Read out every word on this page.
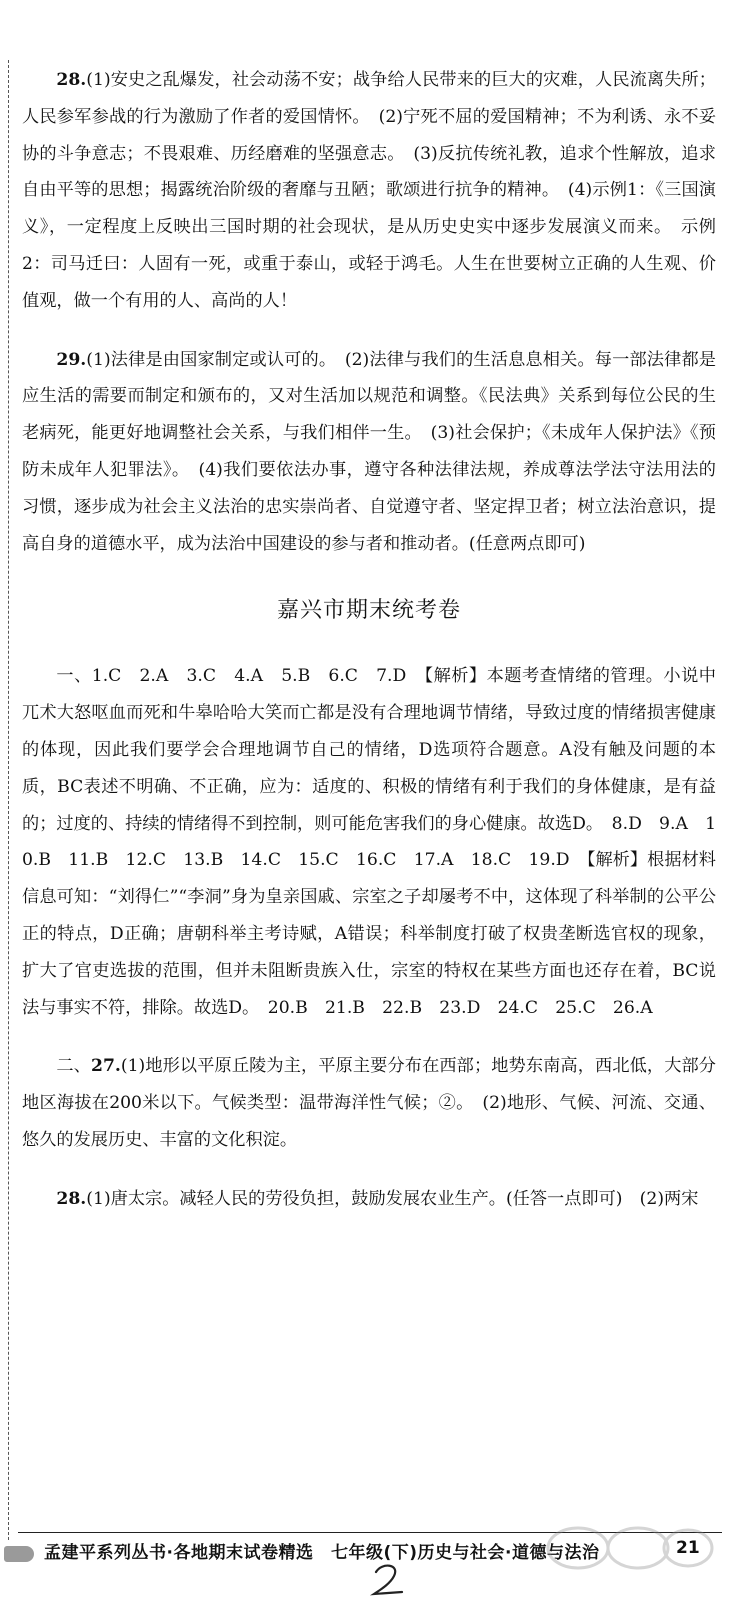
28.(1)安史之乱爆发，社会动荡不安；战争给人民带来的巨大的灾难，人民流离失所；人民参军参战的行为激励了作者的爱国情怀。　(2)宁死不屈的爱国精神；不为利诱、永不妥协的斗争意志；不畏艰难、历经磨难的坚强意志。　(3)反抗传统礼教，追求个性解放，追求自由平等的思想；揭露统治阶级的奢靡与丑陋；歌颂进行抗争的精神。　(4)示例1：《三国演义》，一定程度上反映出三国时期的社会现状，是从历史史实中逐步发展演义而来。　示例2：司马迁曰：人固有一死，或重于泰山，或轻于鸿毛。人生在世要树立正确的人生观、价值观，做一个有用的人、高尚的人！

29.(1)法律是由国家制定或认可的。　(2)法律与我们的生活息息相关。每一部法律都是应生活的需要而制定和颁布的，又对生活加以规范和调整。《民法典》关系到每位公民的生老病死，能更好地调整社会关系，与我们相伴一生。　(3)社会保护；《未成年人保护法》《预防未成年人犯罪法》。　(4)我们要依法办事，遵守各种法律法规，养成尊法学法守法用法的习惯，逐步成为社会主义法治的忠实崇尚者、自觉遵守者、坚定捍卫者；树立法治意识，提高自身的道德水平，成为法治中国建设的参与者和推动者。(任意两点即可)

嘉兴市期末统考卷

一、1.C　2.A　3.C　4.A　5.B　6.C　7.D　【解析】本题考查情绪的管理。小说中兀术大怒呕血而死和牛皋哈哈大笑而亡都是没有合理地调节情绪，导致过度的情绪损害健康的体现，因此我们要学会合理地调节自己的情绪，D选项符合题意。A没有触及问题的本质，BC表述不明确、不正确，应为：适度的、积极的情绪有利于我们的身体健康，是有益的；过度的、持续的情绪得不到控制，则可能危害我们的身心健康。故选D。　8.D　9.A　10.B　11.B　12.C　13.B　14.C　15.C　16.C　17.A　18.C　19.D　【解析】根据材料信息可知：“刘得仁”“李洞”身为皇亲国戚、宗室之子却屡考不中，这体现了科举制的公平公正的特点，D正确；唐朝科举主考诗赋，A错误；科举制度打破了权贵垄断选官权的现象，扩大了官吏选拔的范围，但并未阻断贵族入仕，宗室的特权在某些方面也还存在着，BC说法与事实不符，排除。故选D。　20.B　21.B　22.B　23.D　24.C　25.C　26.A

二、27.(1)地形以平原丘陵为主，平原主要分布在西部；地势东南高，西北低，大部分地区海拔在200米以下。气候类型：温带海洋性气候；②。　(2)地形、气候、河流、交通、悠久的发展历史、丰富的文化积淀。

28.(1)唐太宗。减轻人民的劳役负担，鼓励发展农业生产。(任答一点即可)　(2)两宋

孟建平系列丛书·各地期末试卷精选　七年级(下)历史与社会·道德与法治	21
